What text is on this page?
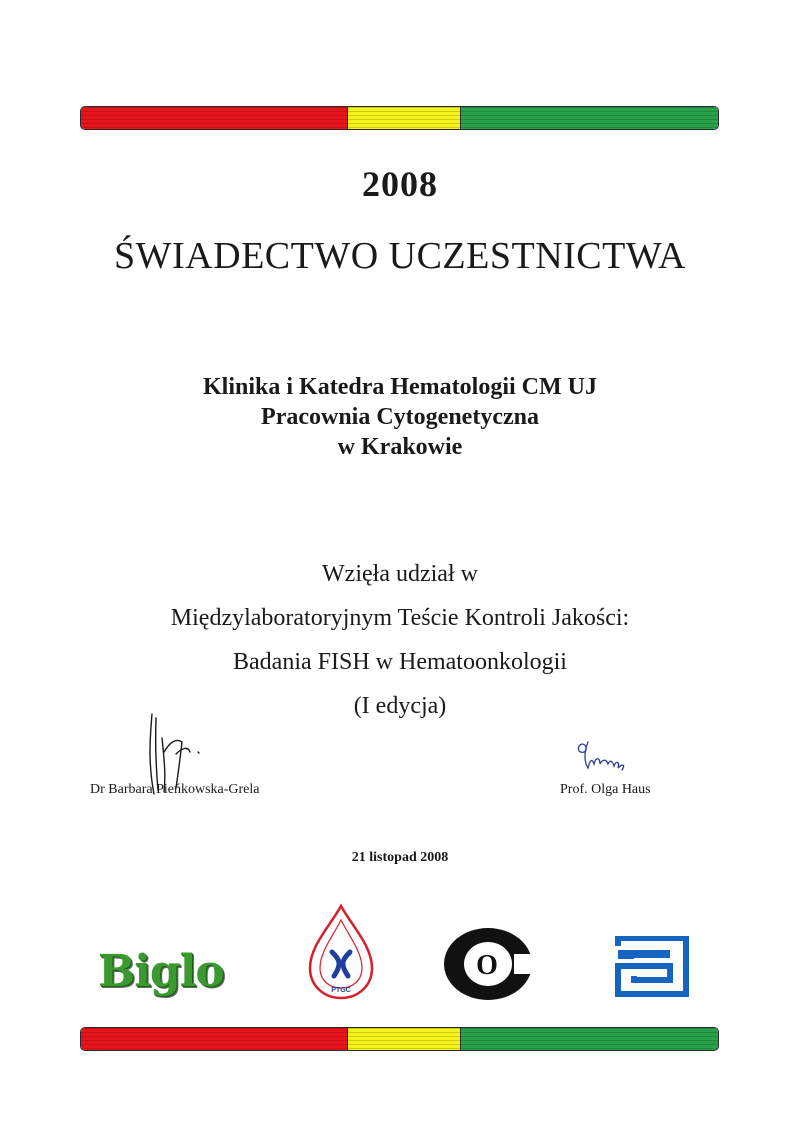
2008
ŚWIADECTWO UCZESTNICTWA
Klinika i Katedra Hematologii CM UJ
Pracownia Cytogenetyczna
w Krakowie
Wzięła udział w
Międzylaboratoryjnym Teście Kontroli Jakości:
Badania FISH w Hematoonkologii
(I edycja)
Dr Barbara Pieńkowska-Grela	Prof. Olga Haus
21 listopad 2008
Biglo	PTGC
O
